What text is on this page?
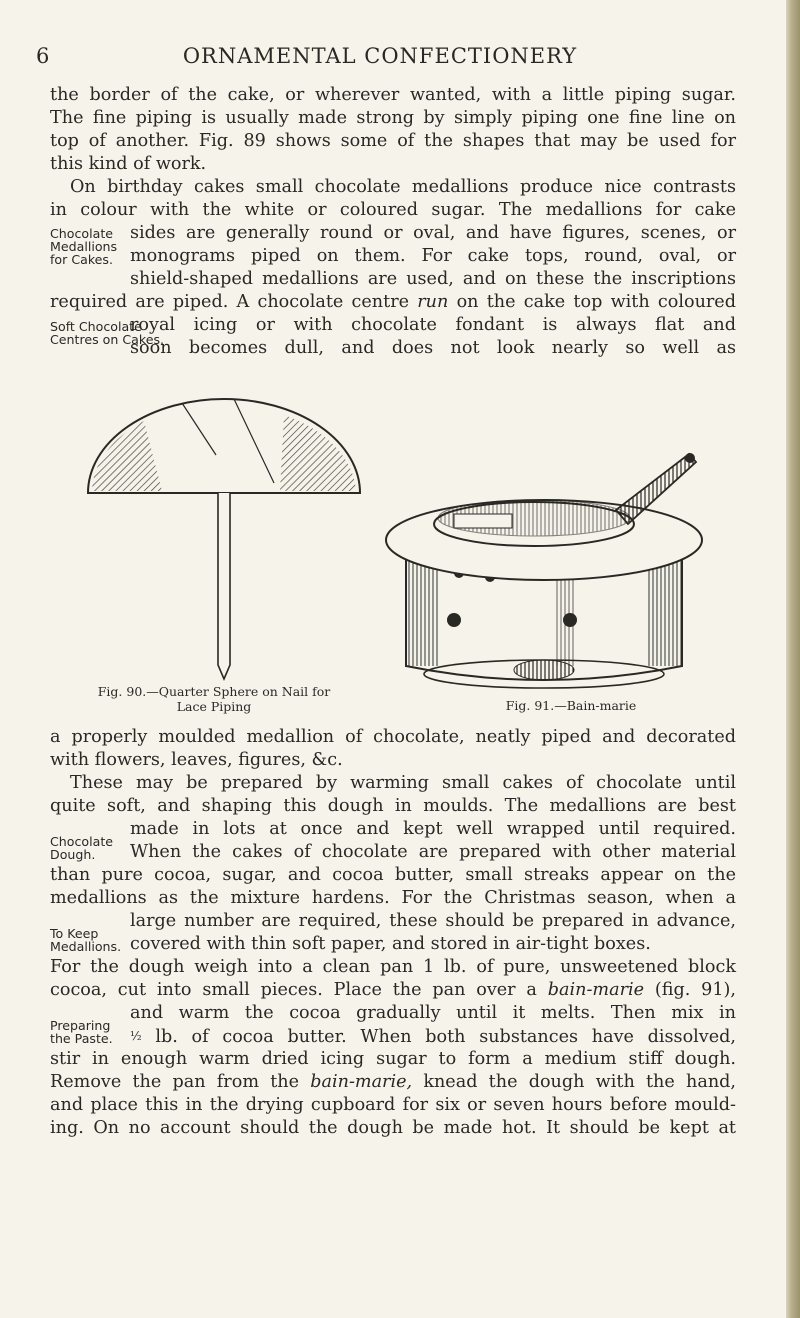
6	ORNAMENTAL CONFECTIONERY
the border of the cake, or wherever wanted, with a little piping sugar.
The fine piping is usually made strong by simply piping one fine line on
top of another. Fig. 89 shows some of the shapes that may be used for
this kind of work.
On birthday cakes small chocolate medallions produce nice contrasts
in colour with the white or coloured sugar. The medallions for cake
sides are generally round or oval, and have figures, scenes, or
monograms piped on them. For cake tops, round, oval, or
shield-shaped medallions are used, and on these the inscriptions
required are piped. A chocolate centre run on the cake top with coloured
royal icing or with chocolate fondant is always flat and
soon becomes dull, and does not look nearly so well as
Chocolate
Medallions
for Cakes.
Soft Chocolate
Centres on Cakes.
Fig. 90.—Quarter Sphere on Nail for
Lace Piping	Fig. 91.—Bain-marie
a properly moulded medallion of chocolate, neatly piped and decorated
with flowers, leaves, figures, &c.
These may be prepared by warming small cakes of chocolate until
quite soft, and shaping this dough in moulds. The medallions are best
made in lots at once and kept well wrapped until required.
When the cakes of chocolate are prepared with other material
than pure cocoa, sugar, and cocoa butter, small streaks appear on the
medallions as the mixture hardens. For the Christmas season, when a
large number are required, these should be prepared in advance,
covered with thin soft paper, and stored in air-tight boxes.
Chocolate
Dough.
To Keep
Medallions.
For the dough weigh into a clean pan 1 lb. of pure, unsweetened block
cocoa, cut into small pieces. Place the pan over a bain-marie (fig. 91),
and warm the cocoa gradually until it melts. Then mix in
½ lb. of cocoa butter. When both substances have dissolved,
stir in enough warm dried icing sugar to form a medium stiff dough.
Remove the pan from the bain-marie, knead the dough with the hand,
and place this in the drying cupboard for six or seven hours before mould-
ing. On no account should the dough be made hot. It should be kept at
Preparing
the Paste.
